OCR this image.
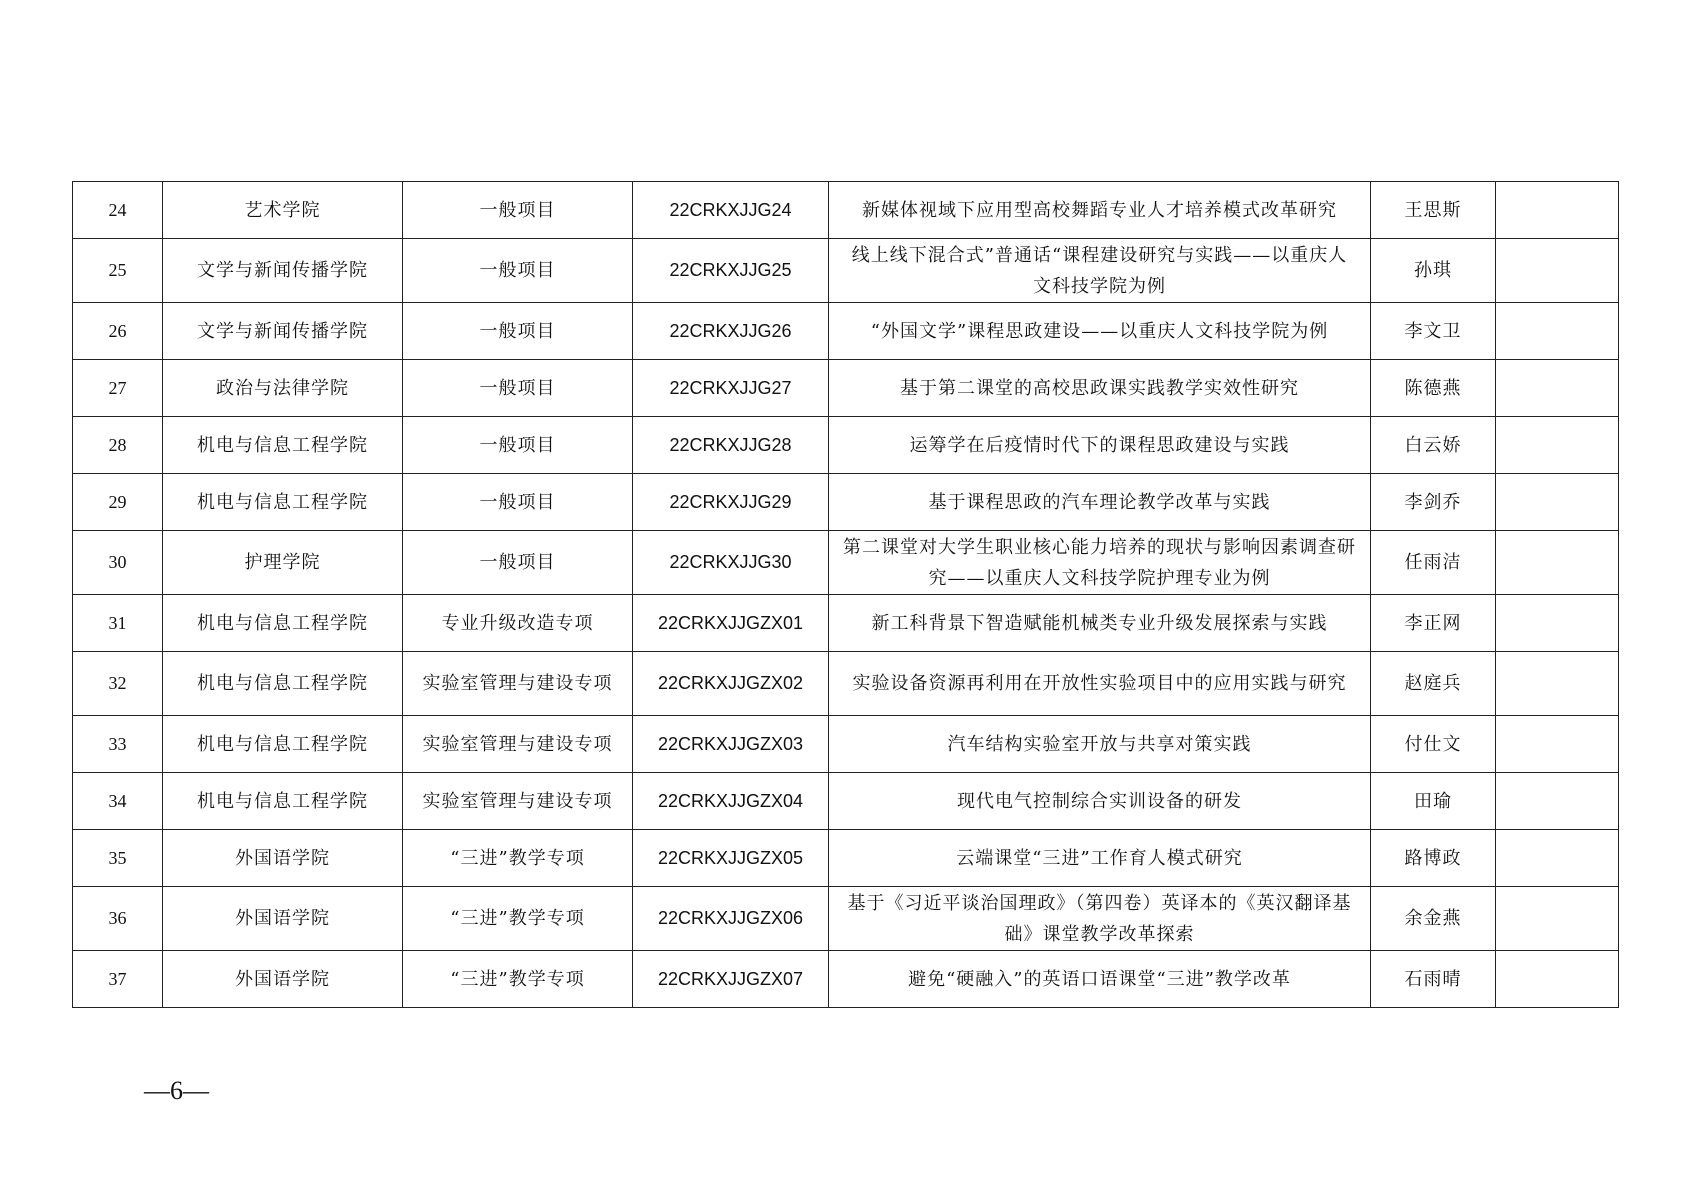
24	艺术学院	一般项目	22CRKXJJG24	新媒体视域下应用型高校舞蹈专业人才培养模式改革研究	王思斯	
25	文学与新闻传播学院	一般项目	22CRKXJJG25	线上线下混合式”普通话“课程建设研究与实践——以重庆人文科技学院为例	孙琪	
26	文学与新闻传播学院	一般项目	22CRKXJJG26	“外国文学”课程思政建设——以重庆人文科技学院为例	李文卫	
27	政治与法律学院	一般项目	22CRKXJJG27	基于第二课堂的高校思政课实践教学实效性研究	陈德燕	
28	机电与信息工程学院	一般项目	22CRKXJJG28	运筹学在后疫情时代下的课程思政建设与实践	白云娇	
29	机电与信息工程学院	一般项目	22CRKXJJG29	基于课程思政的汽车理论教学改革与实践	李剑乔	
30	护理学院	一般项目	22CRKXJJG30	第二课堂对大学生职业核心能力培养的现状与影响因素调查研究——以重庆人文科技学院护理专业为例	任雨洁	
31	机电与信息工程学院	专业升级改造专项	22CRKXJJGZX01	新工科背景下智造赋能机械类专业升级发展探索与实践	李正网	
32	机电与信息工程学院	实验室管理与建设专项	22CRKXJJGZX02	实验设备资源再利用在开放性实验项目中的应用实践与研究	赵庭兵	
33	机电与信息工程学院	实验室管理与建设专项	22CRKXJJGZX03	汽车结构实验室开放与共享对策实践	付仕文	
34	机电与信息工程学院	实验室管理与建设专项	22CRKXJJGZX04	现代电气控制综合实训设备的研发	田瑜	
35	外国语学院	“三进”教学专项	22CRKXJJGZX05	云端课堂“三进”工作育人模式研究	路博政	
36	外国语学院	“三进”教学专项	22CRKXJJGZX06	基于《习近平谈治国理政》（第四卷）英译本的《英汉翻译基础》课堂教学改革探索	余金燕	
37	外国语学院	“三进”教学专项	22CRKXJJGZX07	避免“硬融入”的英语口语课堂“三进”教学改革	石雨晴	
—6—
